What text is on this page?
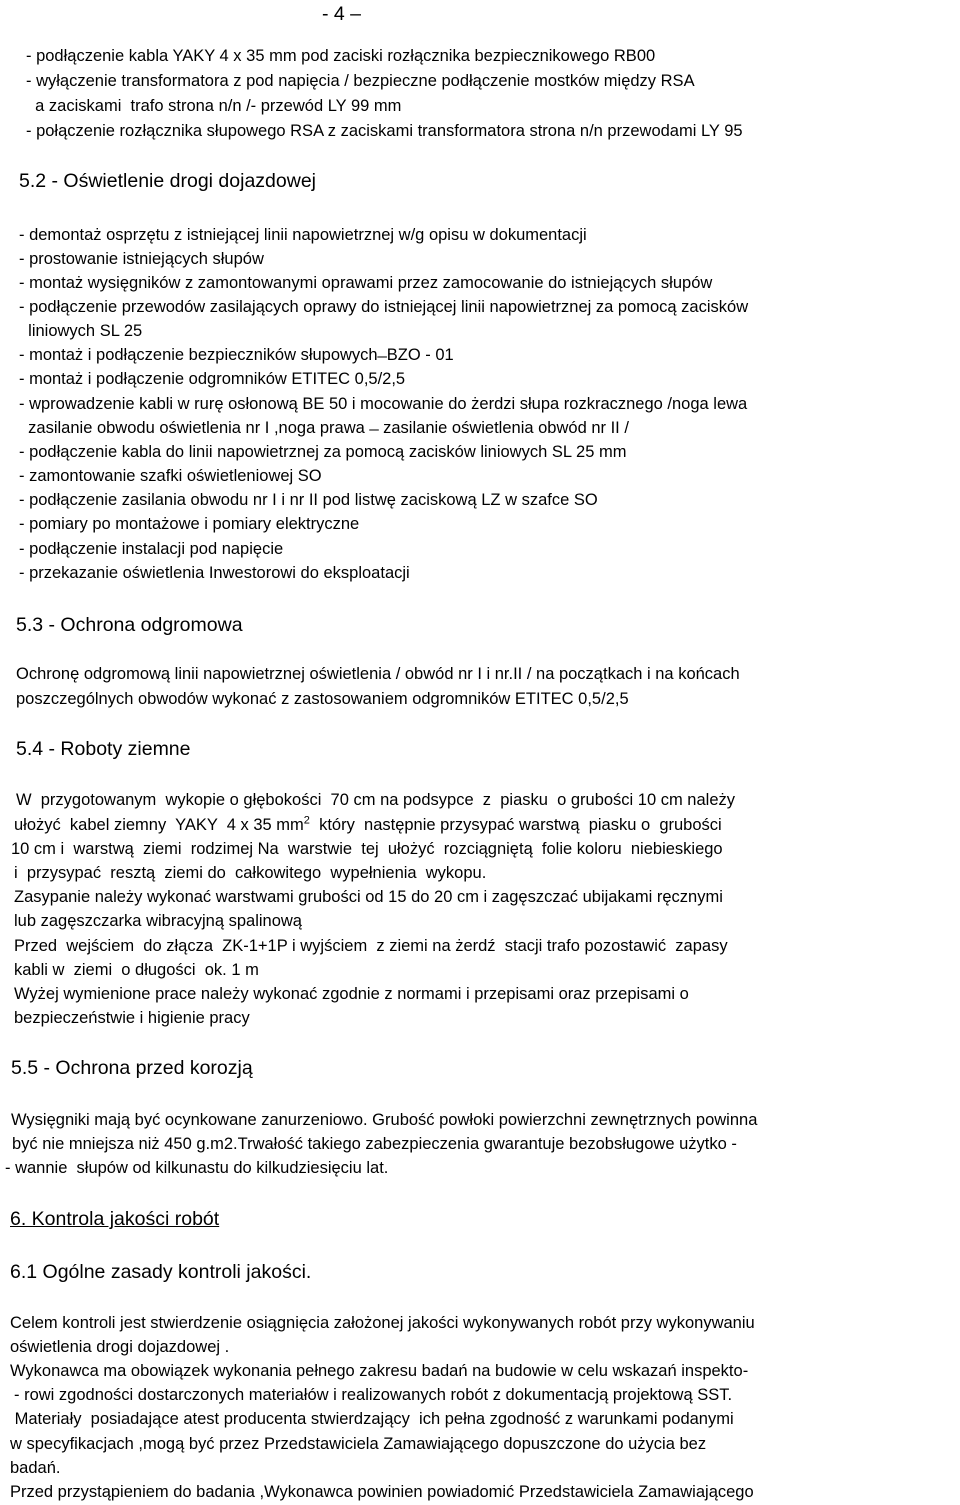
- 4 –
- podłączenie kabla YAKY 4 x 35 mm pod zaciski rozłącznika bezpiecznikowego RB00
- wyłączenie transformatora z pod napięcia / bezpieczne podłączenie mostków między RSA
a zaciskami  trafo strona n/n /- przewód LY 99 mm
- połączenie rozłącznika słupowego RSA z zaciskami transformatora strona n/n przewodami LY 95
5.2 - Oświetlenie drogi dojazdowej
- demontaż osprzętu z istniejącej linii napowietrznej w/g opisu w dokumentacji
- prostowanie istniejących słupów
- montaż wysięgników z zamontowanymi oprawami przez zamocowanie do istniejących słupów
- podłączenie przewodów zasilających oprawy do istniejącej linii napowietrznej za pomocą zacisków
liniowych SL 25
- montaż i podłączenie bezpieczników słupowych ̶ BZO - 01
- montaż i podłączenie odgromników ETITEC 0,5/2,5
- wprowadzenie kabli w rurę osłonową BE 50 i mocowanie do żerdzi słupa rozkracznego /noga lewa
zasilanie obwodu oświetlenia nr I ,noga prawa  ̶  zasilanie oświetlenia obwód nr II /
- podłączenie kabla do linii napowietrznej za pomocą zacisków liniowych SL 25 mm
- zamontowanie szafki oświetleniowej SO
- podłączenie zasilania obwodu nr I i nr II pod listwę zaciskową LZ w szafce SO
- pomiary po montażowe i pomiary elektryczne
- podłączenie instalacji pod napięcie
- przekazanie oświetlenia Inwestorowi do eksploatacji
5.3 - Ochrona odgromowa
Ochronę odgromową linii napowietrznej oświetlenia / obwód nr I i nr.II / na początkach i na końcach
poszczególnych obwodów wykonać z zastosowaniem odgromników ETITEC 0,5/2,5
5.4 - Roboty ziemne
W  przygotowanym  wykopie o głębokości  70 cm na podsypce  z  piasku  o grubości 10 cm należy
ułożyć  kabel ziemny  YAKY  4 x 35 $mm^2$  który  następnie przysypać warstwą  piasku o  grubości
10 cm i  warstwą  ziemi  rodzimej Na  warstwie  tej  ułożyć  rozciągniętą  folie koloru  niebieskiego
i  przysypać  resztą  ziemi do  całkowitego  wypełnienia  wykopu.
Zasypanie należy wykonać warstwami grubości od 15 do 20 cm i zagęszczać ubijakami ręcznymi
lub zagęszczarka wibracyjną spalinową
Przed  wejściem  do złącza  ZK-1+1P i wyjściem  z ziemi na żerdź  stacji trafo pozostawić  zapasy
kabli w  ziemi  o długości  ok. 1 m
Wyżej wymienione prace należy wykonać zgodnie z normami i przepisami oraz przepisami o
bezpieczeństwie i higienie pracy
5.5 - Ochrona przed korozją
Wysięgniki mają być ocynkowane zanurzeniowo. Grubość powłoki powierzchni zewnętrznych powinna
być nie mniejsza niż 450 g.m2.Trwałość takiego zabezpieczenia gwarantuje bezobsługowe użytko -
- wannie  słupów od kilkunastu do kilkudziesięciu lat.
6. Kontrola jakości robót
6.1 Ogólne zasady kontroli jakości.
Celem kontroli jest stwierdzenie osiągnięcia założonej jakości wykonywanych robót przy wykonywaniu
oświetlenia drogi dojazdowej .
Wykonawca ma obowiązek wykonania pełnego zakresu badań na budowie w celu wskazań inspekto-
- rowi zgodności dostarczonych materiałów i realizowanych robót z dokumentacją projektową SST.
Materiały  posiadające atest producenta stwierdzający  ich pełna zgodność z warunkami podanymi
w specyfikacjach ,mogą być przez Przedstawiciela Zamawiającego dopuszczone do użycia bez
badań.
Przed przystąpieniem do badania ,Wykonawca powinien powiadomić Przedstawiciela Zamawiającego
